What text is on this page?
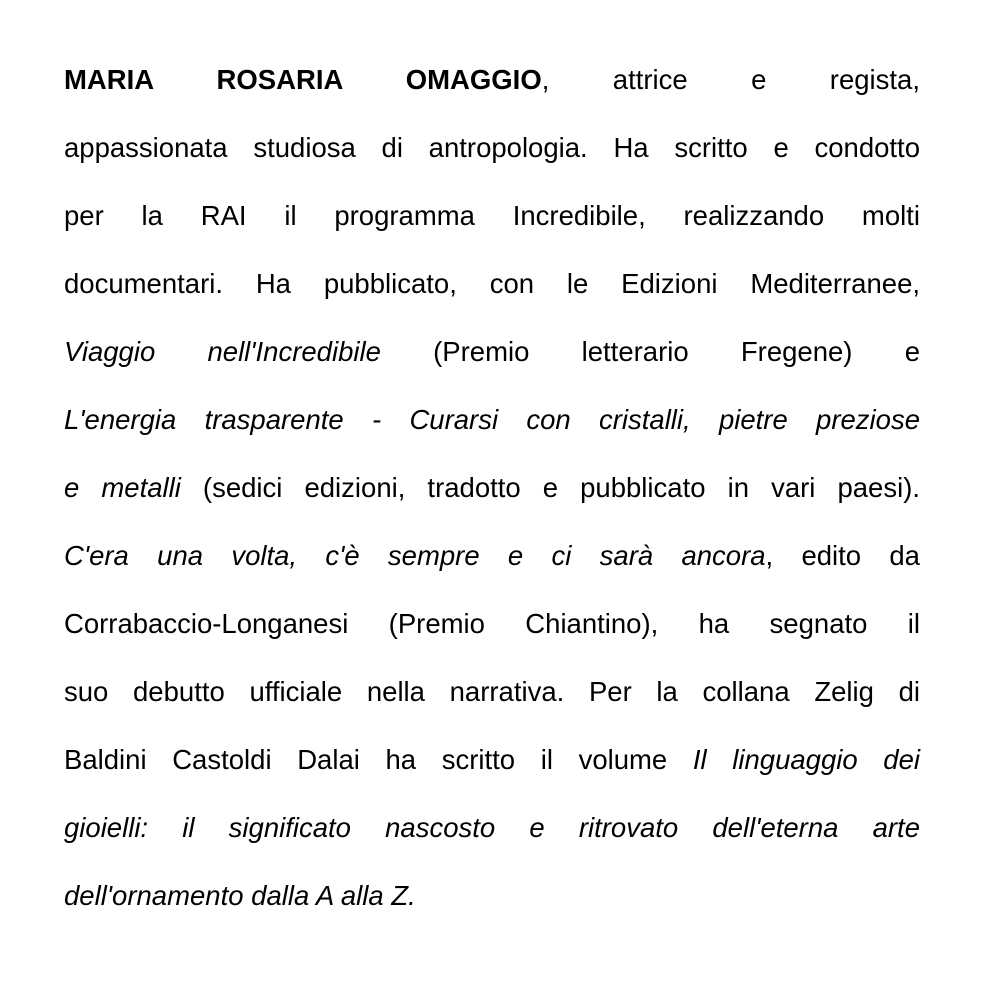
MARIA ROSARIA OMAGGIO, attrice e regista,
appassionata studiosa di antropologia. Ha scritto e condotto
per la RAI il programma Incredibile, realizzando molti
documentari. Ha pubblicato, con le Edizioni Mediterranee,
Viaggio nell'Incredibile (Premio letterario Fregene) e
L'energia trasparente - Curarsi con cristalli, pietre preziose
e metalli (sedici edizioni, tradotto e pubblicato in vari paesi).
C'era una volta, c'è sempre e ci sarà ancora, edito da
Corrabaccio-Longanesi (Premio Chiantino), ha segnato il
suo debutto ufficiale nella narrativa. Per la collana Zelig di
Baldini Castoldi Dalai ha scritto il volume Il linguaggio dei
gioielli: il significato nascosto e ritrovato dell'eterna arte
dell'ornamento dalla A alla Z.
